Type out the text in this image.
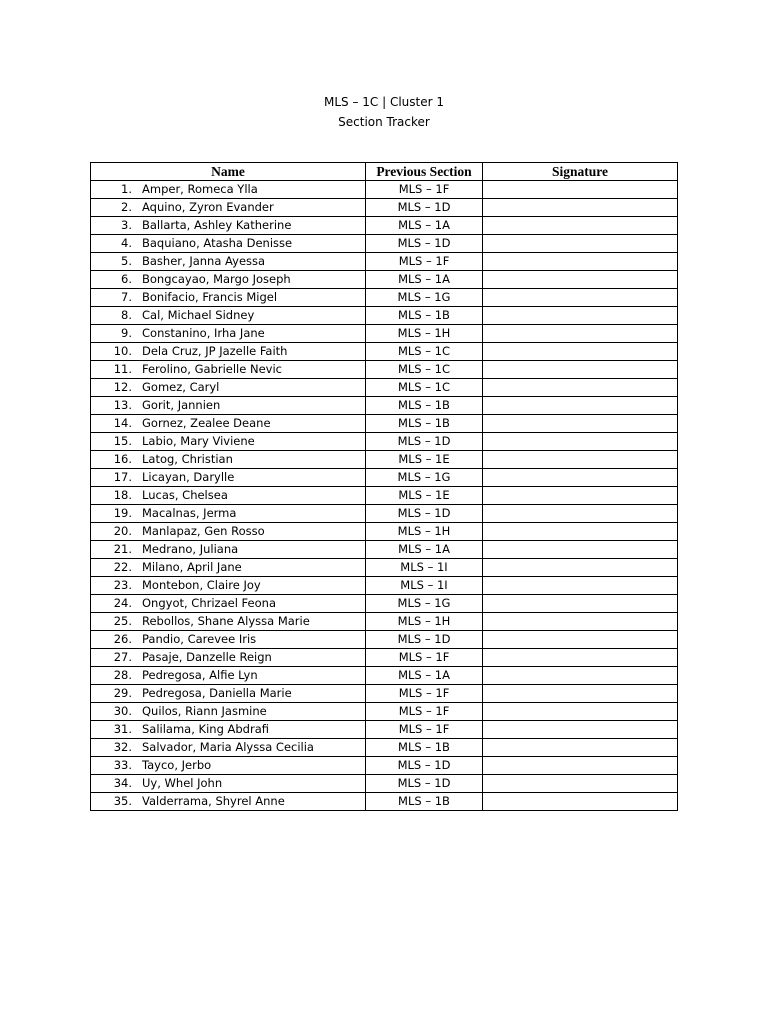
MLS – 1C | Cluster 1
Section Tracker
Name	Previous Section	Signature
1. Amper, Romeca Ylla	MLS – 1F	
2. Aquino, Zyron Evander	MLS – 1D	
3. Ballarta, Ashley Katherine	MLS – 1A	
4. Baquiano, Atasha Denisse	MLS – 1D	
5. Basher, Janna Ayessa	MLS – 1F	
6. Bongcayao, Margo Joseph	MLS – 1A	
7. Bonifacio, Francis Migel	MLS – 1G	
8. Cal, Michael Sidney	MLS – 1B	
9. Constanino, Irha Jane	MLS – 1H	
10. Dela Cruz, JP Jazelle Faith	MLS – 1C	
11. Ferolino, Gabrielle Nevic	MLS – 1C	
12. Gomez, Caryl	MLS – 1C	
13. Gorit, Jannien	MLS – 1B	
14. Gornez, Zealee Deane	MLS – 1B	
15. Labio, Mary Viviene	MLS – 1D	
16. Latog, Christian	MLS – 1E	
17. Licayan, Darylle	MLS – 1G	
18. Lucas, Chelsea	MLS – 1E	
19. Macalnas, Jerma	MLS – 1D	
20. Manlapaz, Gen Rosso	MLS – 1H	
21. Medrano, Juliana	MLS – 1A	
22. Milano, April Jane	MLS – 1I	
23. Montebon, Claire Joy	MLS – 1I	
24. Ongyot, Chrizael Feona	MLS – 1G	
25. Rebollos, Shane Alyssa Marie	MLS – 1H	
26. Pandio, Carevee Iris	MLS – 1D	
27. Pasaje, Danzelle Reign	MLS – 1F	
28. Pedregosa, Alfie Lyn	MLS – 1A	
29. Pedregosa, Daniella Marie	MLS – 1F	
30. Quilos, Riann Jasmine	MLS – 1F	
31. Salilama, King Abdrafi	MLS – 1F	
32. Salvador, Maria Alyssa Cecilia	MLS – 1B	
33. Tayco, Jerbo	MLS – 1D	
34. Uy, Whel John	MLS – 1D	
35. Valderrama, Shyrel Anne	MLS – 1B	
